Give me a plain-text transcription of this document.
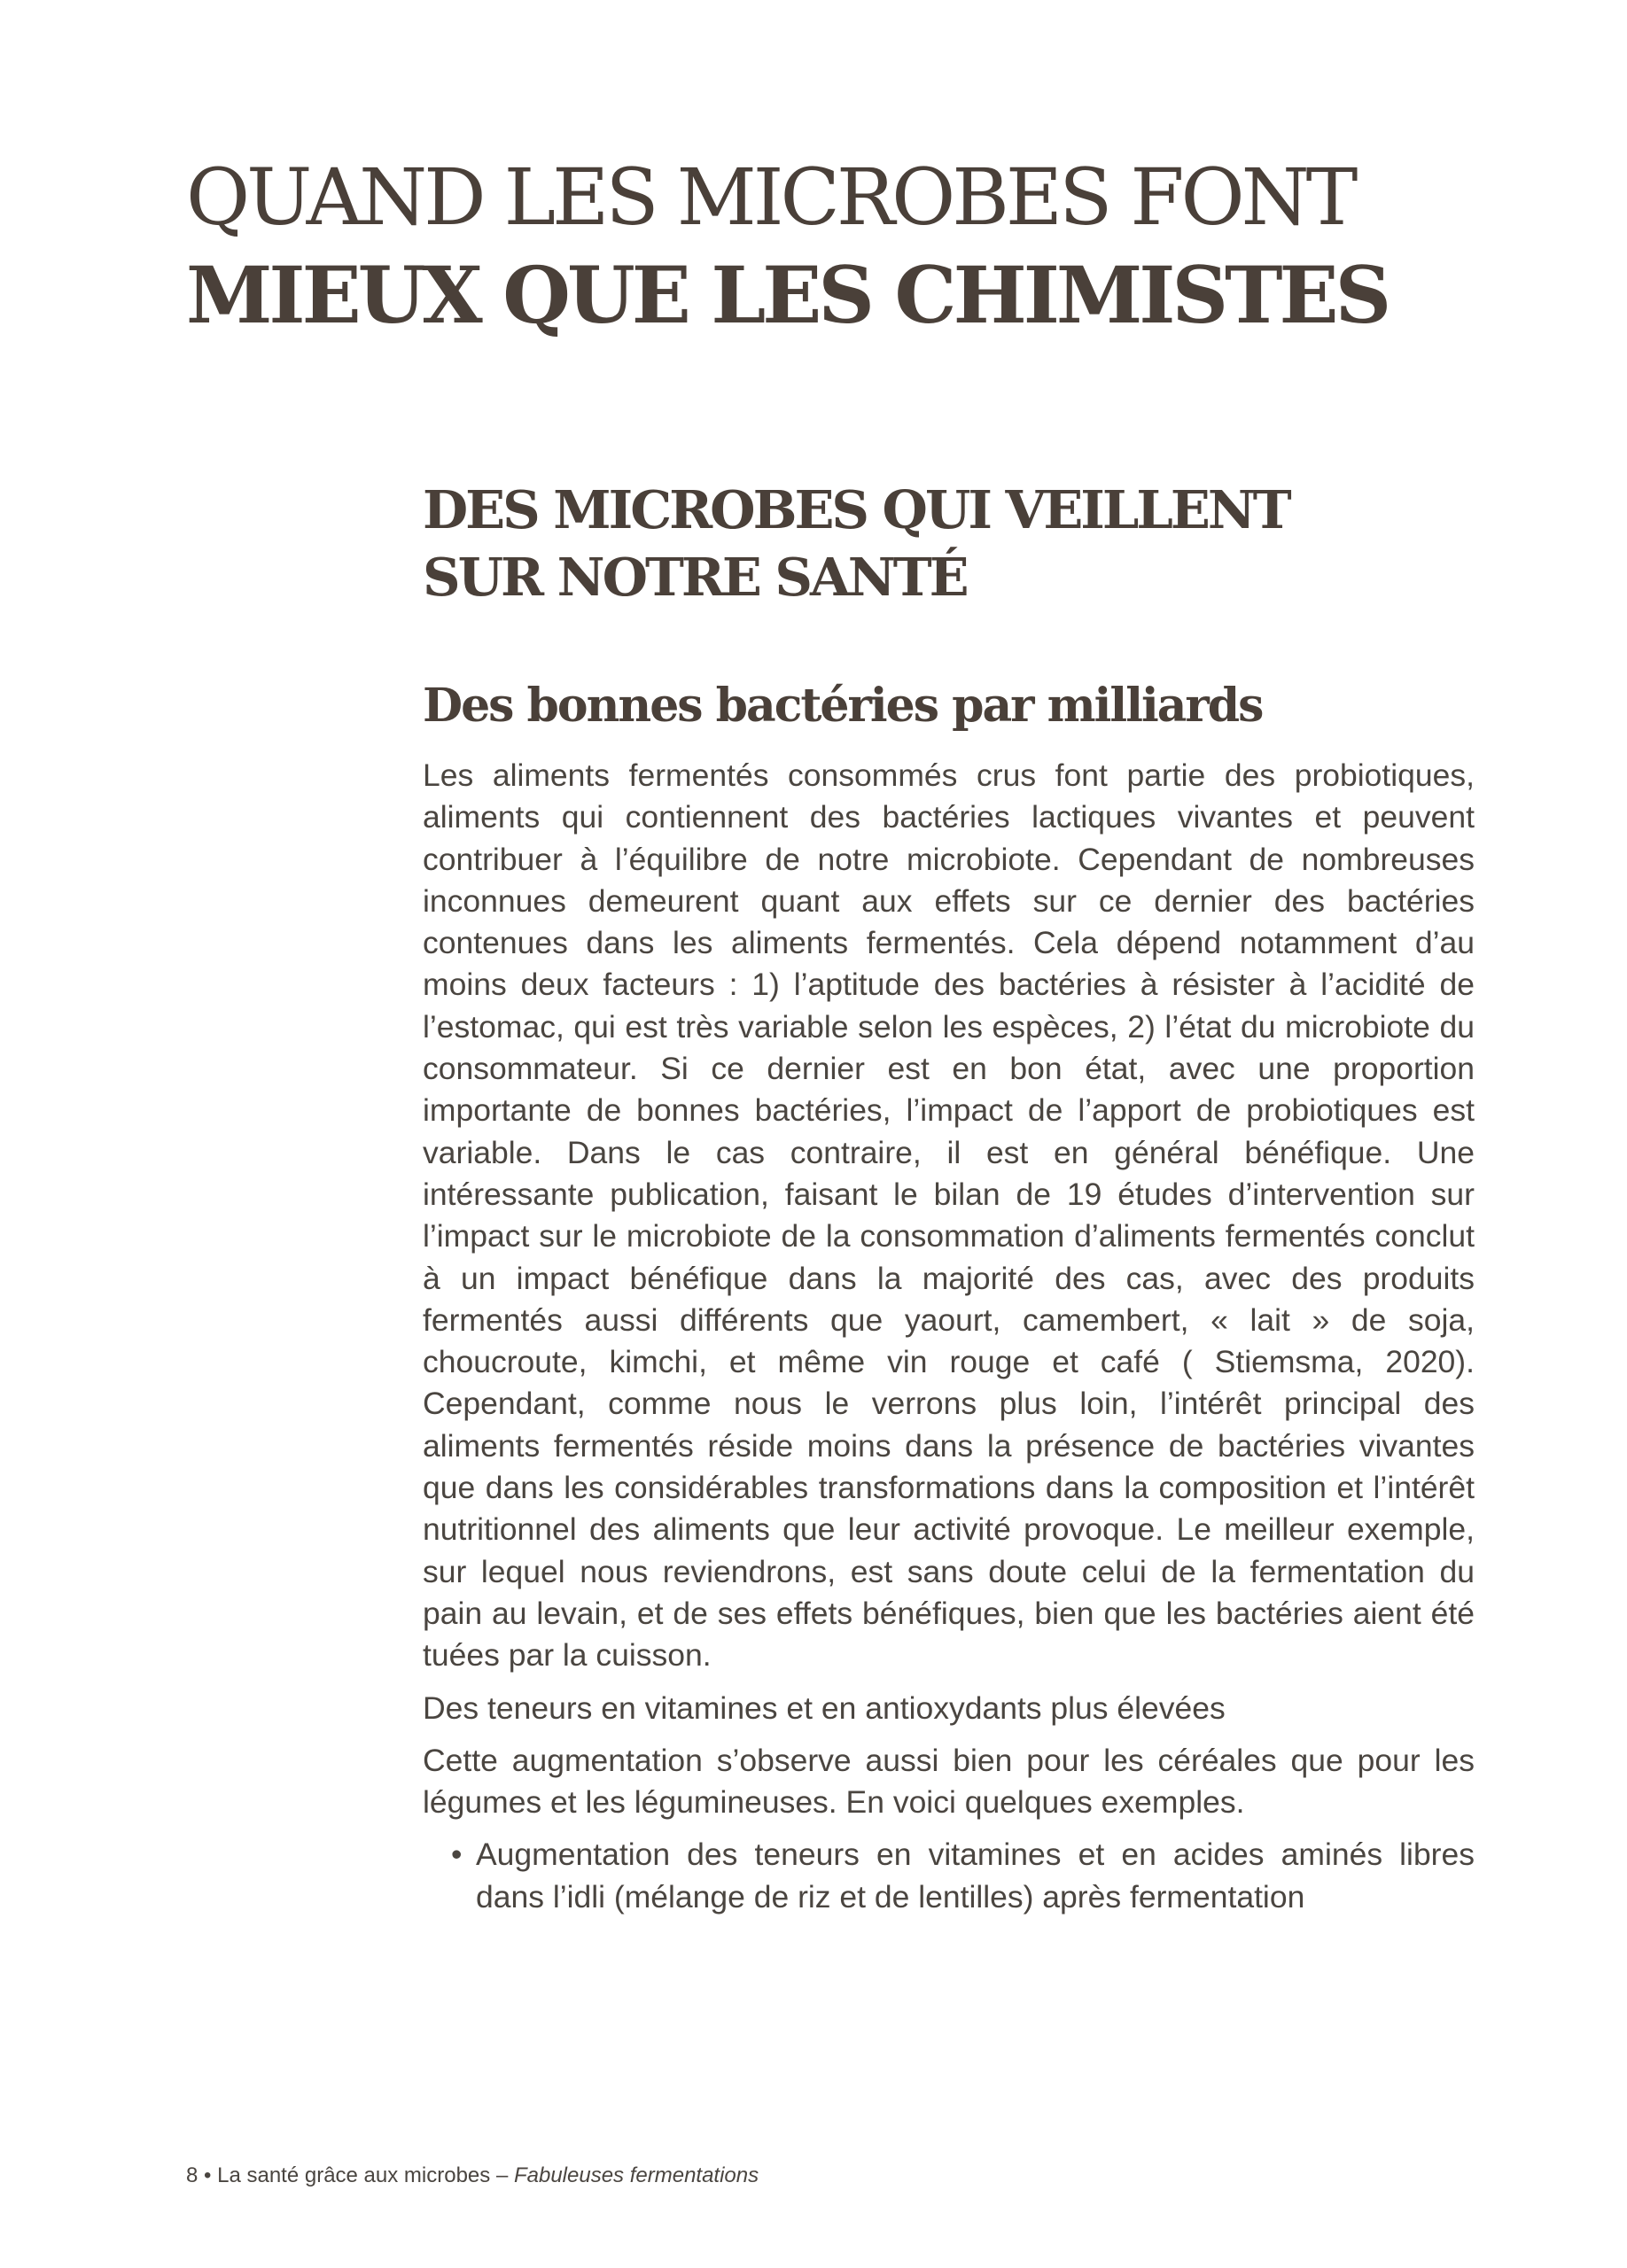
QUAND LES MICROBES FONT
MIEUX QUE LES CHIMISTES
DES MICROBES QUI VEILLENT
SUR NOTRE SANTÉ
Des bonnes bactéries par milliards

Les aliments fermentés consommés crus font partie des probiotiques, aliments qui contiennent des bactéries lactiques vivantes et peuvent contribuer à l’équilibre de notre microbiote. Cependant de nombreuses inconnues demeurent quant aux effets sur ce dernier des bactéries contenues dans les aliments fermentés. Cela dépend notamment d’au moins deux facteurs : 1) l’aptitude des bactéries à résister à l’acidité de l’estomac, qui est très variable selon les espèces, 2) l’état du microbiote du consommateur. Si ce dernier est en bon état, avec une proportion importante de bonnes bactéries, l’impact de l’apport de probiotiques est variable. Dans le cas contraire, il est en général bénéfique. Une intéressante publication, faisant le bilan de 19 études d’intervention sur l’impact sur le microbiote de la consommation d’aliments fermentés conclut à un impact bénéfique dans la majorité des cas, avec des produits fermentés aussi différents que yaourt, camembert, « lait » de soja, choucroute, kimchi, et même vin rouge et café ( Stiemsma, 2020). Cependant, comme nous le verrons plus loin, l’intérêt principal des aliments fermentés réside moins dans la présence de bactéries vivantes que dans les considérables transformations dans la composition et l’intérêt nutritionnel des aliments que leur activité provoque. Le meilleur exemple, sur lequel nous reviendrons, est sans doute celui de la fermentation du pain au levain, et de ses effets bénéfiques, bien que les bactéries aient été tuées par la cuisson.

Des teneurs en vitamines et en antioxydants plus élevées

Cette augmentation s’observe aussi bien pour les céréales que pour les légumes et les légumineuses. En voici quelques exemples.

• Augmentation des teneurs en vitamines et en acides aminés libres dans l’idli (mélange de riz et de lentilles) après fermentation
8 • La santé grâce aux microbes – Fabuleuses fermentations
